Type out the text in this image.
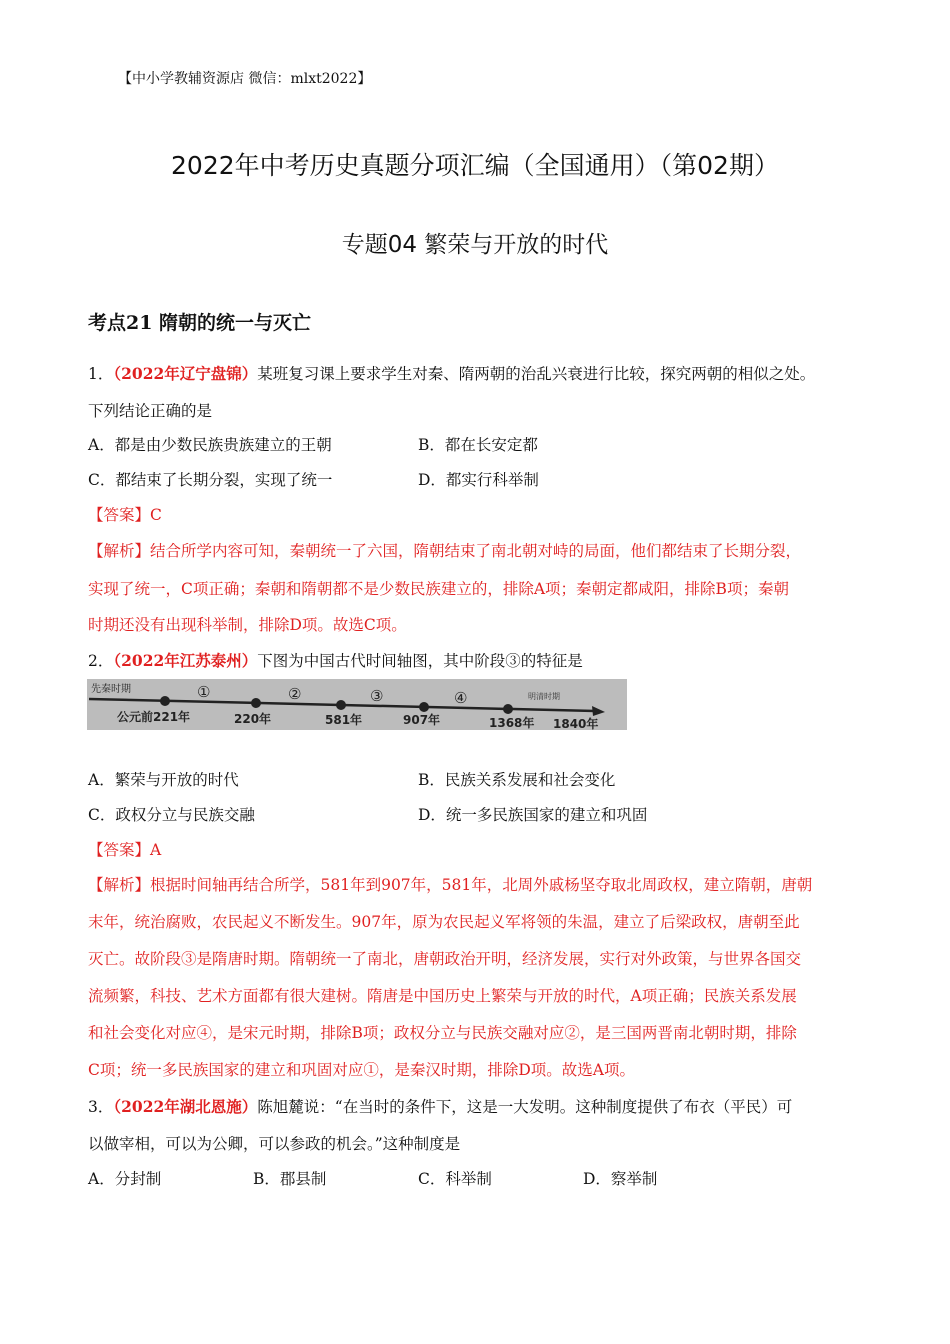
【中小学教辅资源店 微信：mlxt2022】
2022年中考历史真题分项汇编（全国通用）（第02期）
专题04 繁荣与开放的时代
考点21 隋朝的统一与灭亡
1．（2022年辽宁盘锦）某班复习课上要求学生对秦、隋两朝的治乱兴衰进行比较，探究两朝的相似之处。
下列结论正确的是
A．都是由少数民族贵族建立的王朝	B．都在长安定都
C．都结束了长期分裂，实现了统一	D．都实行科举制
【答案】C
【解析】结合所学内容可知，秦朝统一了六国，隋朝结束了南北朝对峙的局面，他们都结束了长期分裂，
实现了统一，C项正确；秦朝和隋朝都不是少数民族建立的，排除A项；秦朝定都咸阳，排除B项；秦朝
时期还没有出现科举制，排除D项。故选C项。
2．（2022年江苏泰州）下图为中国古代时间轴图，其中阶段③的特征是
先秦时期
明清时期
①	②	③	④
公元前221年	220年	581年	907年	1368年 1840年
A．繁荣与开放的时代	B．民族关系发展和社会变化
C．政权分立与民族交融	D．统一多民族国家的建立和巩固
【答案】A
【解析】根据时间轴再结合所学，581年到907年，581年，北周外戚杨坚夺取北周政权，建立隋朝，唐朝
末年，统治腐败，农民起义不断发生。907年，原为农民起义军将领的朱温，建立了后梁政权，唐朝至此
灭亡。故阶段③是隋唐时期。隋朝统一了南北，唐朝政治开明，经济发展，实行对外政策，与世界各国交
流频繁，科技、艺术方面都有很大建树。隋唐是中国历史上繁荣与开放的时代，A项正确；民族关系发展
和社会变化对应④，是宋元时期，排除B项；政权分立与民族交融对应②，是三国两晋南北朝时期，排除
C项；统一多民族国家的建立和巩固对应①，是秦汉时期，排除D项。故选A项。
3．（2022年湖北恩施）陈旭麓说：“在当时的条件下，这是一大发明。这种制度提供了布衣（平民）可
以做宰相，可以为公卿，可以参政的机会。”这种制度是
A．分封制	B．郡县制	C．科举制	D．察举制
